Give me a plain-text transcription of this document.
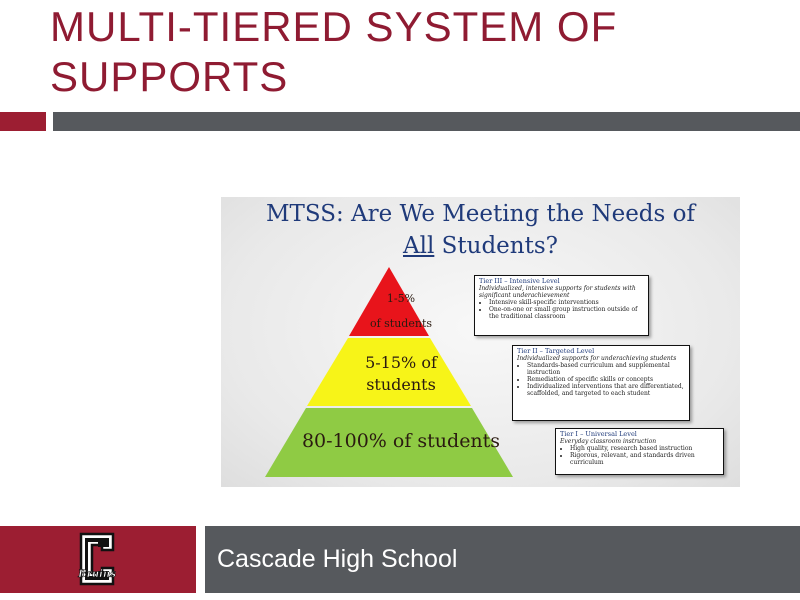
MULTI-TIERED SYSTEM OF
SUPPORTS
MTSS: Are We Meeting the Needs of
All Students?
1-5%
of students
5-15% of
students
80-100% of students
Tier III – Intensive Level
Individualized, intensive supports for students with significant underachievement
• Intensive skill-specific interventions
• One-on-one or small group instruction outside of the traditional classroom
Tier II – Targeted Level
Individualized supports for underachieving students
• Standards-based curriculum and supplemental instruction
• Remediation of specific skills or concepts
• Individualized interventions that are differentiated, scaffolded, and targeted to each student
Tier I – Universal Level
Everyday classroom instruction
• High quality, research based instruction
• Rigorous, relevant, and standards driven curriculum
Bruins
Cascade High School
